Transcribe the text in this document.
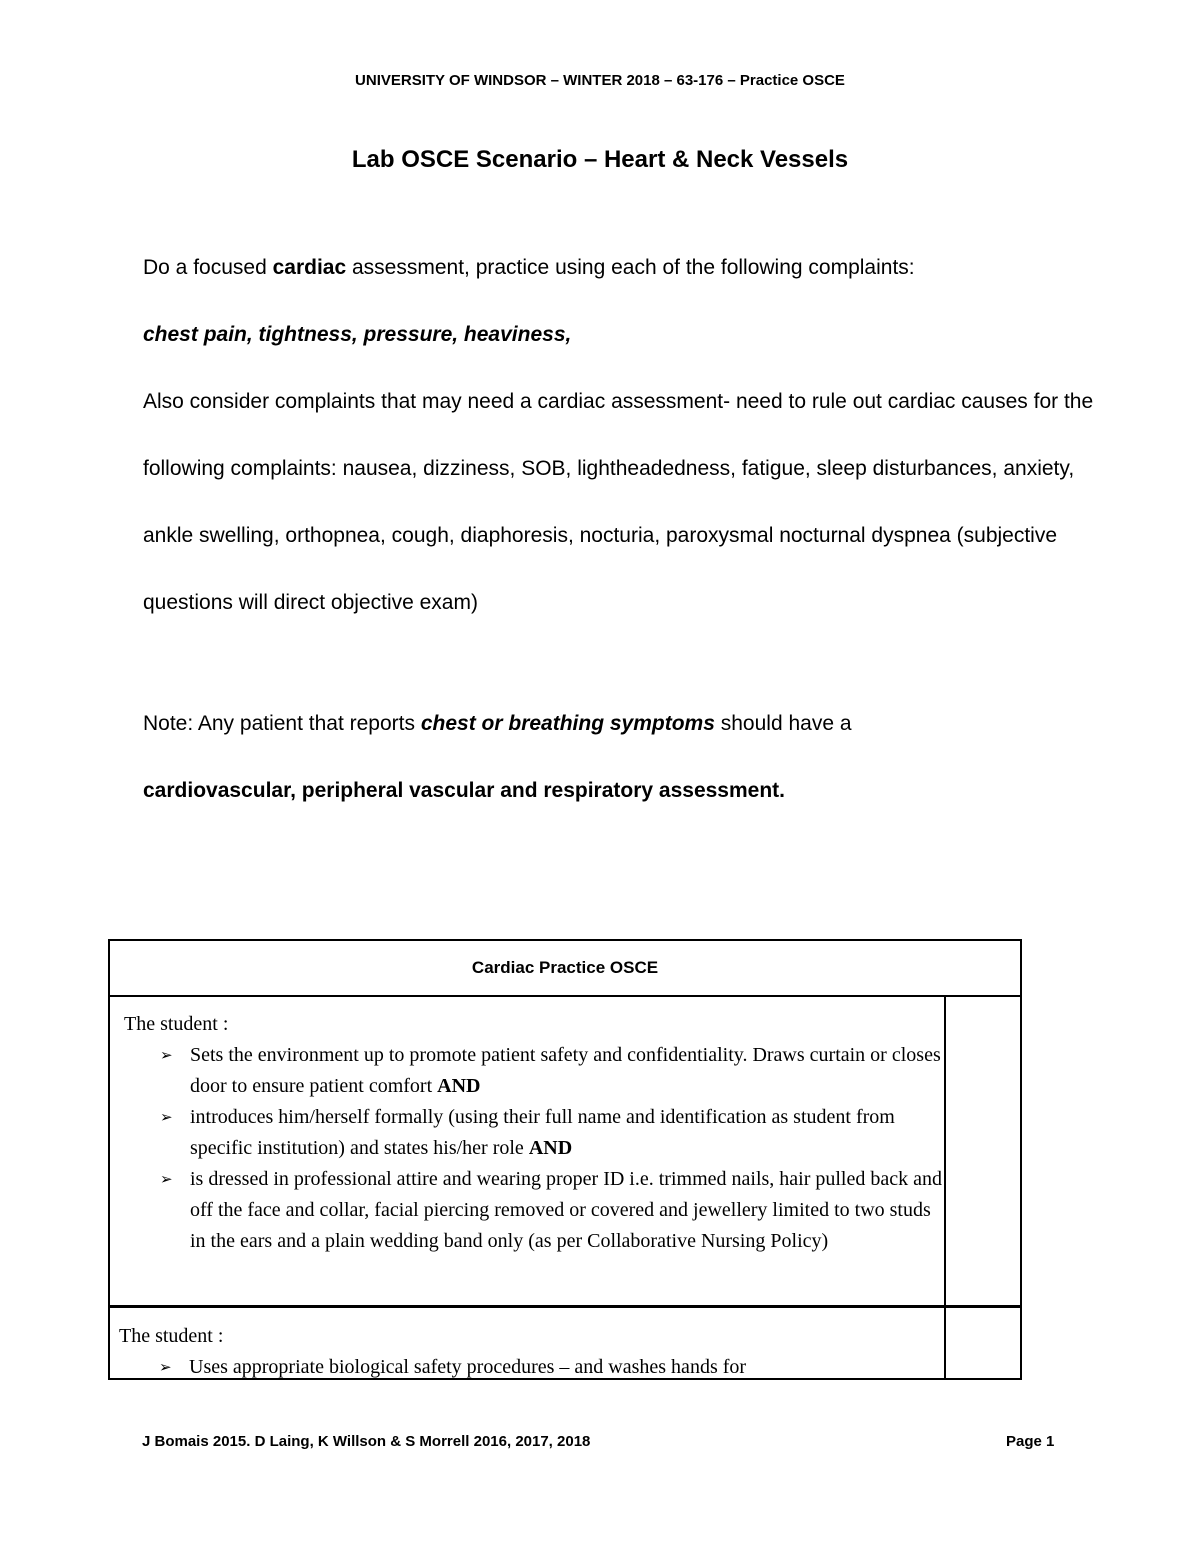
UNIVERSITY OF WINDSOR – WINTER 2018 – 63-176 – Practice OSCE
Lab OSCE Scenario – Heart & Neck Vessels

Do a focused cardiac assessment, practice using each of the following complaints:

chest pain, tightness, pressure, heaviness,

Also consider complaints that may need a cardiac assessment- need to rule out cardiac causes for the following complaints: nausea, dizziness, SOB, lightheadedness, fatigue, sleep disturbances, anxiety, ankle swelling, orthopnea, cough, diaphoresis, nocturia, paroxysmal nocturnal dyspnea (subjective questions will direct objective exam)

Note: Any patient that reports chest or breathing symptoms should have a

cardiovascular, peripheral vascular and respiratory assessment.

Cardiac Practice OSCE

The student :

➢ Sets the environment up to promote patient safety and confidentiality. Draws curtain or closes door to ensure patient comfort AND
➢ introduces him/herself formally (using their full name and identification as student from specific institution) and states his/her role AND
➢ is dressed in professional attire and wearing proper ID i.e. trimmed nails, hair pulled back and off the face and collar, facial piercing removed or covered and jewellery limited to two studs in the ears and a plain wedding band only (as per Collaborative Nursing Policy)

The student :

➢ Uses appropriate biological safety procedures – and washes hands for
J Bomais 2015. D Laing, K Willson & S Morrell 2016, 2017, 2018	Page 1
